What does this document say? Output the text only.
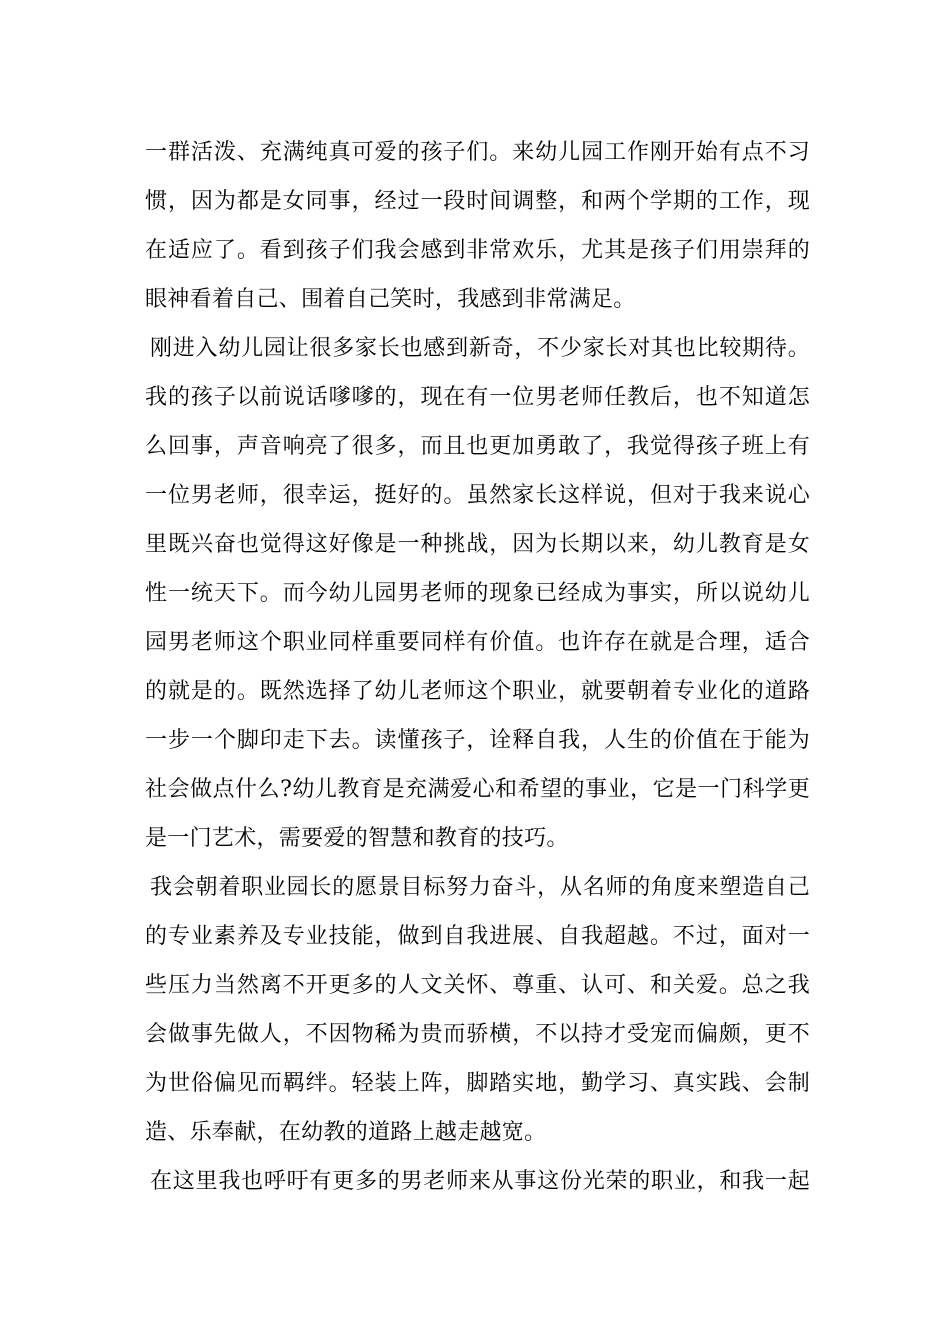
一群活泼、充满纯真可爱的孩子们。来幼儿园工作刚开始有点不习
惯，因为都是女同事，经过一段时间调整，和两个学期的工作，现
在适应了。看到孩子们我会感到非常欢乐，尤其是孩子们用崇拜的
眼神看着自己、围着自己笑时，我感到非常满足。
刚进入幼儿园让很多家长也感到新奇，不少家长对其也比较期待。
我的孩子以前说话嗲嗲的，现在有一位男老师任教后，也不知道怎
么回事，声音响亮了很多，而且也更加勇敢了，我觉得孩子班上有
一位男老师，很幸运，挺好的。虽然家长这样说，但对于我来说心
里既兴奋也觉得这好像是一种挑战，因为长期以来，幼儿教育是女
性一统天下。而今幼儿园男老师的现象已经成为事实，所以说幼儿
园男老师这个职业同样重要同样有价值。也许存在就是合理，适合
的就是的。既然选择了幼儿老师这个职业，就要朝着专业化的道路
一步一个脚印走下去。读懂孩子，诠释自我，人生的价值在于能为
社会做点什么?幼儿教育是充满爱心和希望的事业，它是一门科学更
是一门艺术，需要爱的智慧和教育的技巧。
我会朝着职业园长的愿景目标努力奋斗，从名师的角度来塑造自己
的专业素养及专业技能，做到自我进展、自我超越。不过，面对一
些压力当然离不开更多的人文关怀、尊重、认可、和关爱。总之我
会做事先做人，不因物稀为贵而骄横，不以持才受宠而偏颇，更不
为世俗偏见而羁绊。轻装上阵，脚踏实地，勤学习、真实践、会制
造、乐奉献，在幼教的道路上越走越宽。
在这里我也呼吁有更多的男老师来从事这份光荣的职业，和我一起
